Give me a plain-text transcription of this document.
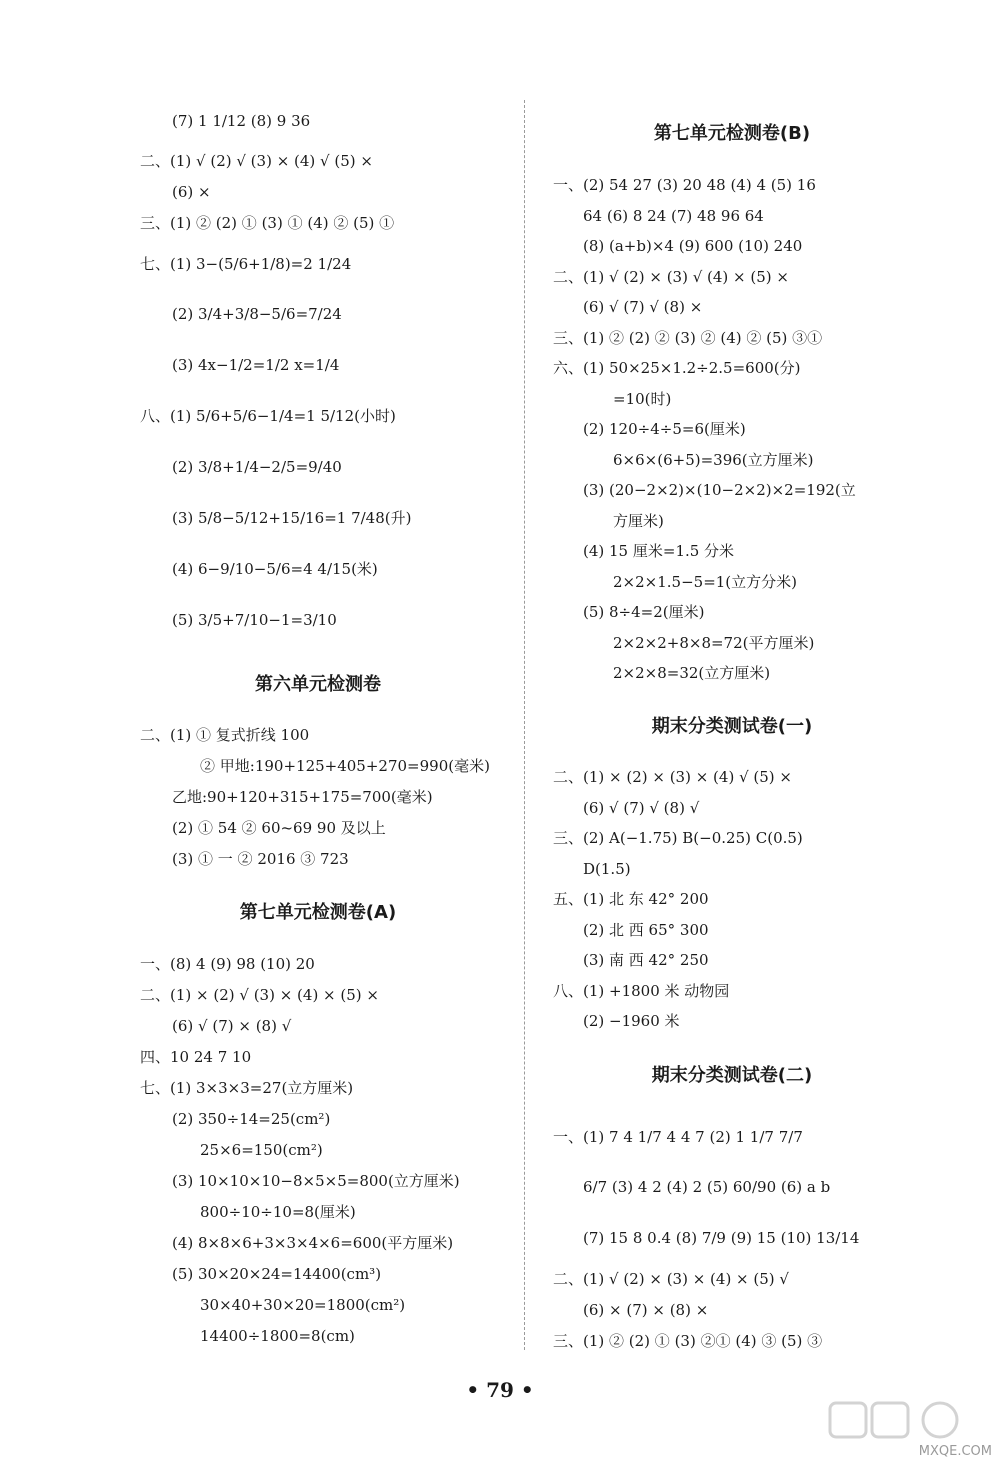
(7) 1 1/12 (8) 9 36
二、(1) √ (2) √ (3) × (4) √ (5) ×
(6) ×
三、(1) ② (2) ① (3) ① (4) ② (5) ①
七、(1) 3−(5/6+1/8)=2 1/24
(2) 3/4+3/8−5/6=7/24
(3) 4x−1/2=1/2 x=1/4
八、(1) 5/6+5/6−1/4=1 5/12(小时)
(2) 3/8+1/4−2/5=9/40
(3) 5/8−5/12+15/16=1 7/48(升)
(4) 6−9/10−5/6=4 4/15(米)
(5) 3/5+7/10−1=3/10
第六单元检测卷
二、(1) ① 复式折线 100
② 甲地:190+125+405+270=990(毫米)
乙地:90+120+315+175=700(毫米)
(2) ① 54 ② 60~69 90 及以上
(3) ① 一 ② 2016 ③ 723
第七单元检测卷(A)
一、(8) 4 (9) 98 (10) 20
二、(1) × (2) √ (3) × (4) × (5) ×
(6) √ (7) × (8) √
四、10 24 7 10
七、(1) 3×3×3=27(立方厘米)
(2) 350÷14=25(cm²)
25×6=150(cm²)
(3) 10×10×10−8×5×5=800(立方厘米)
800÷10÷10=8(厘米)
(4) 8×8×6+3×3×4×6=600(平方厘米)
(5) 30×20×24=14400(cm³)
30×40+30×20=1800(cm²)
14400÷1800=8(cm)
第七单元检测卷(B)
一、(2) 54 27 (3) 20 48 (4) 4 (5) 16
64 (6) 8 24 (7) 48 96 64
(8) (a+b)×4 (9) 600 (10) 240
二、(1) √ (2) × (3) √ (4) × (5) ×
(6) √ (7) √ (8) ×
三、(1) ② (2) ② (3) ② (4) ② (5) ③①
六、(1) 50×25×1.2÷2.5=600(分)
=10(时)
(2) 120÷4÷5=6(厘米)
6×6×(6+5)=396(立方厘米)
(3) (20−2×2)×(10−2×2)×2=192(立
方厘米)
(4) 15 厘米=1.5 分米
2×2×1.5−5=1(立方分米)
(5) 8÷4=2(厘米)
2×2×2+8×8=72(平方厘米)
2×2×8=32(立方厘米)
期末分类测试卷(一)
二、(1) × (2) × (3) × (4) √ (5) ×
(6) √ (7) √ (8) √
三、(2) A(−1.75) B(−0.25) C(0.5)
D(1.5)
五、(1) 北 东 42° 200
(2) 北 西 65° 300
(3) 南 西 42° 250
八、(1) +1800 米 动物园
(2) −1960 米
期末分类测试卷(二)
一、(1) 7 4 1/7 4 4 7 (2) 1 1/7 7/7
6/7 (3) 4 2 (4) 2 (5) 60/90 (6) a b
(7) 15 8 0.4 (8) 7/9 (9) 15 (10) 13/14
二、(1) √ (2) × (3) × (4) × (5) √
(6) × (7) × (8) ×
三、(1) ② (2) ① (3) ②① (4) ③ (5) ③
• 79 •
MXQE.COM
